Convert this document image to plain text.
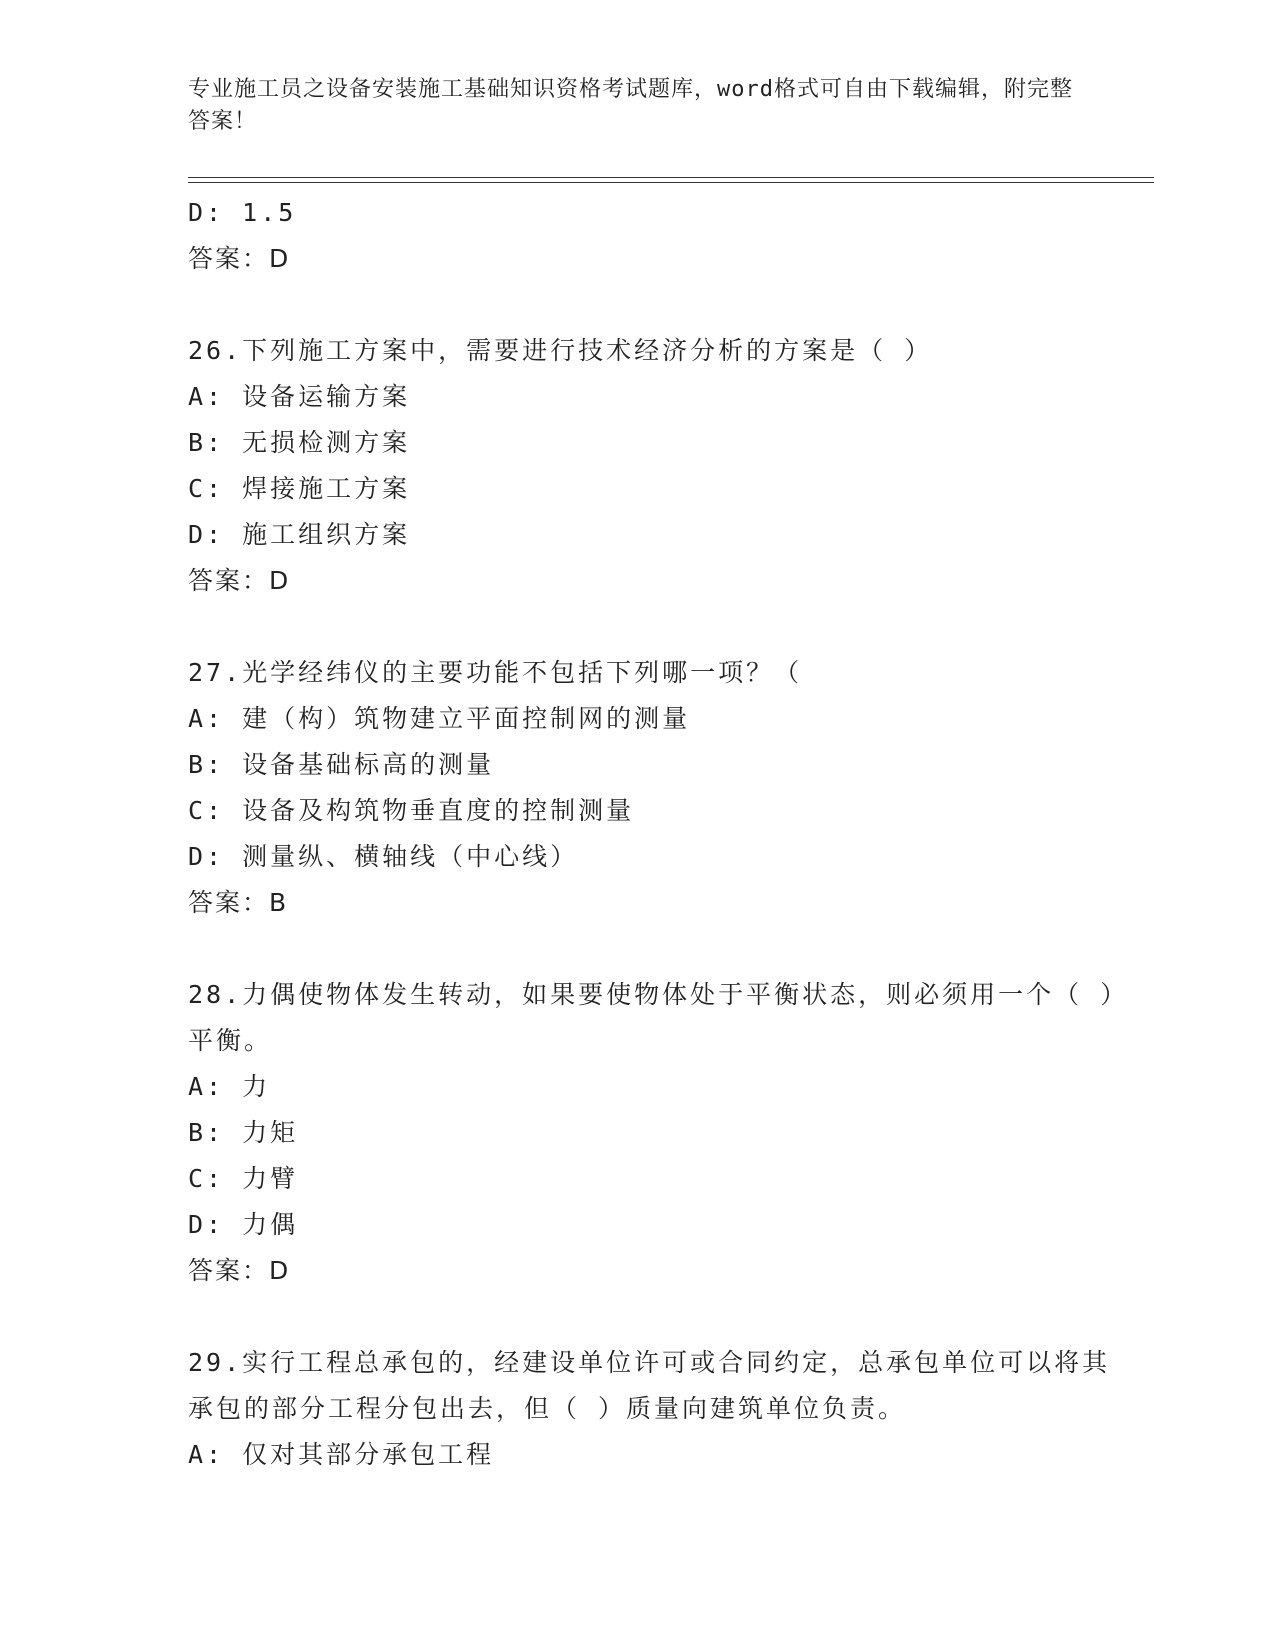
专业施工员之设备安装施工基础知识资格考试题库，word格式可自由下载编辑，附完整答案！
D: 1.5
答案：D
26.下列施工方案中，需要进行技术经济分析的方案是（ ）
A: 设备运输方案
B: 无损检测方案
C: 焊接施工方案
D: 施工组织方案
答案：D
27.光学经纬仪的主要功能不包括下列哪一项？（
A: 建（构）筑物建立平面控制网的测量
B: 设备基础标高的测量
C: 设备及构筑物垂直度的控制测量
D: 测量纵、横轴线（中心线）
答案：B
28.力偶使物体发生转动，如果要使物体处于平衡状态，则必须用一个（ ）平衡。
A: 力
B: 力矩
C: 力臂
D: 力偶
答案：D
29.实行工程总承包的，经建设单位许可或合同约定，总承包单位可以将其承包的部分工程分包出去，但（ ）质量向建筑单位负责。
A: 仅对其部分承包工程
